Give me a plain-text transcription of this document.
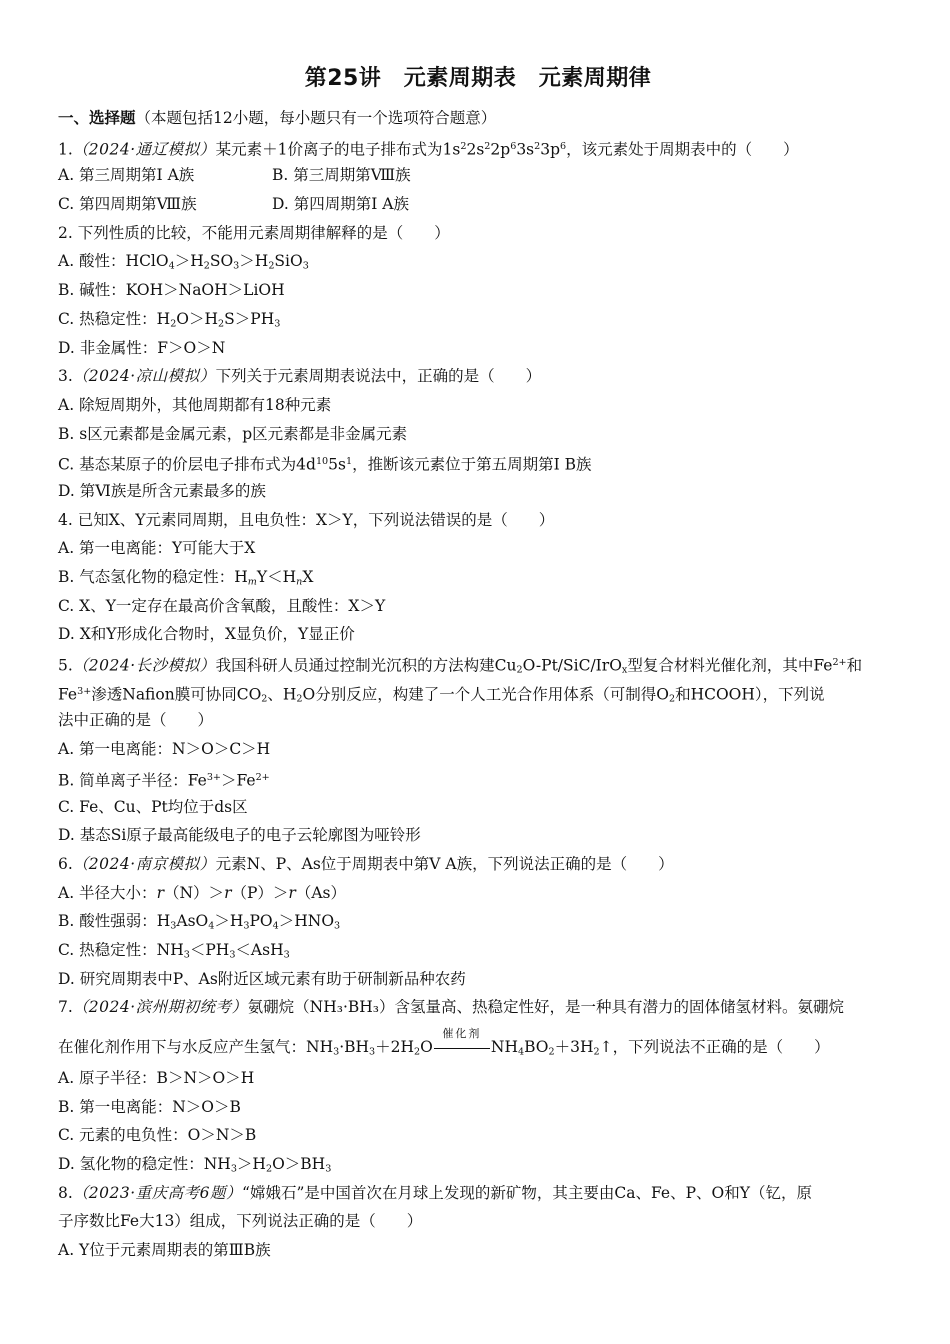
第25讲　元素周期表　元素周期律
一、选择题（本题包括12小题，每小题只有一个选项符合题意）
1.（2024·通辽模拟）某元素＋1价离子的电子排布式为$1s^22s^22p^63s^23p^6$，该元素处于周期表中的（　　）
A. 第三周期第Ⅰ A族	B. 第三周期第Ⅷ族
C. 第四周期第Ⅷ族	D. 第四周期第Ⅰ A族
2. 下列性质的比较，不能用元素周期律解释的是（　　）
A. 酸性：$HClO_4>H_2SO_3>H_2SiO_3$
B. 碱性：KOH＞NaOH＞LiOH
C. 热稳定性：$H_2O>H_2S>PH_3$
D. 非金属性：F＞O＞N
3.（2024·凉山模拟）下列关于元素周期表说法中，正确的是（　　）
A. 除短周期外，其他周期都有18种元素
B. s区元素都是金属元素，p区元素都是非金属元素
C. 基态某原子的价层电子排布式为$4d^{10}5s^1$，推断该元素位于第五周期第Ⅰ B族
D. 第Ⅵ族是所含元素最多的族
4. 已知X、Y元素同周期，且电负性：X＞Y，下列说法错误的是（　　）
A. 第一电离能：Y可能大于X
B. 气态氢化物的稳定性：$H_mY<H_nX$
C. X、Y一定存在最高价含氧酸，且酸性：X＞Y
D. X和Y形成化合物时，X显负价，Y显正价
5.（2024·长沙模拟）我国科研人员通过控制光沉积的方法构建$Cu_2O-Pt/SiC/IrO_x$型复合材料光催化剂，其中$Fe^{2+}$和
$Fe^{3+}$渗透Nafion膜可协同$CO_2$、$H_2O$分别反应，构建了一个人工光合作用体系（可制得$O_2$和HCOOH），下列说
法中正确的是（　　）
A. 第一电离能：N＞O＞C＞H
B. 简单离子半径：$Fe^{3+}>Fe^{2+}$
C. Fe、Cu、Pt均位于ds区
D. 基态Si原子最高能级电子的电子云轮廓图为哑铃形
6.（2024·南京模拟）元素N、P、As位于周期表中第Ⅴ A族，下列说法正确的是（　　）
A. 半径大小：r（N）＞r（P）＞r（As）
B. 酸性强弱：$H_3AsO_4>H_3PO_4>HNO_3$
C. 热稳定性：$NH_3<PH_3<AsH_3$
D. 研究周期表中P、As附近区域元素有助于研制新品种农药
7.（2024·滨州期初统考）氨硼烷（NH₃·BH₃）含氢量高、热稳定性好，是一种具有潜力的固体储氢材料。氨硼烷
在催化剂作用下与水反应产生氢气：$NH_3\cdot BH_3+2H_2O$
催化剂
$NH_4BO_2+3H_2↑$，下列说法不正确的是（　　）
A. 原子半径：B＞N＞O＞H
B. 第一电离能：N＞O＞B
C. 元素的电负性：O＞N＞B
D. 氢化物的稳定性：$NH_3>H_2O>BH_3$
8.（2023·重庆高考6题）“嫦娥石”是中国首次在月球上发现的新矿物，其主要由Ca、Fe、P、O和Y（钇，原
子序数比Fe大13）组成，下列说法正确的是（　　）
A. Y位于元素周期表的第ⅢB族
